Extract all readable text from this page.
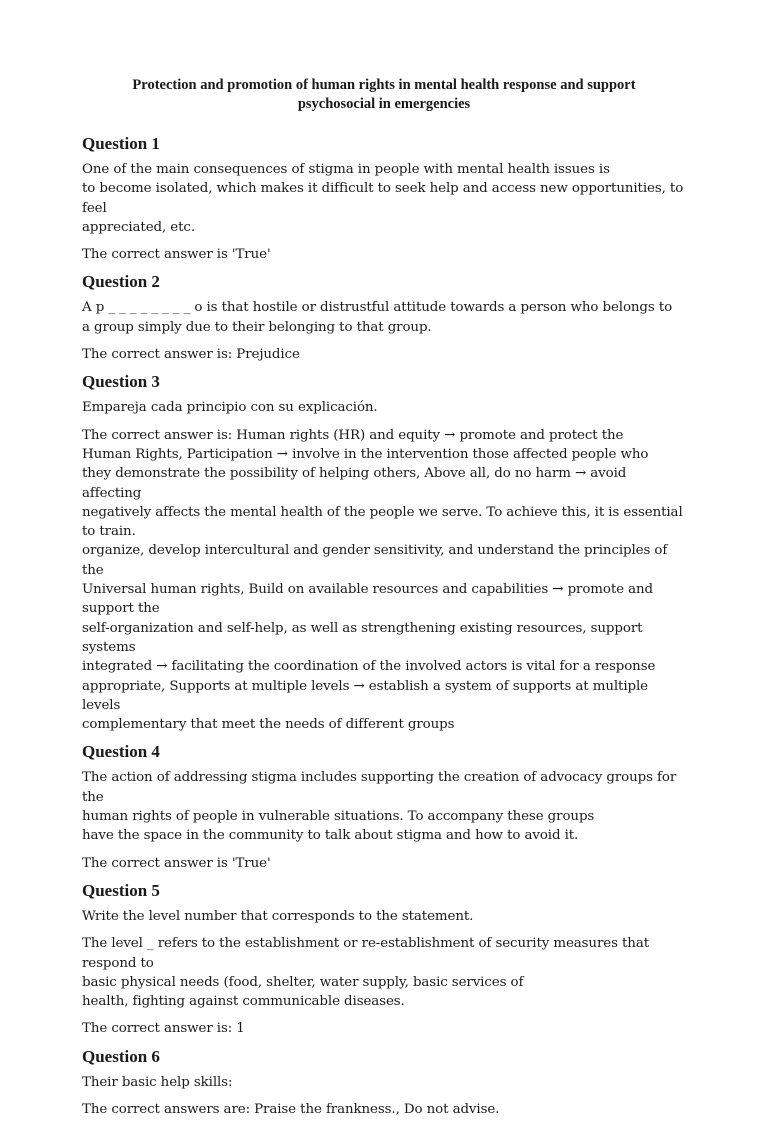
Protection and promotion of human rights in mental health response and support
psychosocial in emergencies
Question 1
One of the main consequences of stigma in people with mental health issues is
to become isolated, which makes it difficult to seek help and access new opportunities, to feel
appreciated, etc.
The correct answer is 'True'
Question 2
A p _ _ _ _ _ _ _ _ o is that hostile or distrustful attitude towards a person who belongs to
a group simply due to their belonging to that group.
The correct answer is: Prejudice
Question 3
Empareja cada principio con su explicación.
The correct answer is: Human rights (HR) and equity → promote and protect the
Human Rights, Participation → involve in the intervention those affected people who
they demonstrate the possibility of helping others, Above all, do no harm → avoid affecting
negatively affects the mental health of the people we serve. To achieve this, it is essential to train.
organize, develop intercultural and gender sensitivity, and understand the principles of the
Universal human rights, Build on available resources and capabilities → promote and support the
self-organization and self-help, as well as strengthening existing resources, support systems
integrated → facilitating the coordination of the involved actors is vital for a response
appropriate, Supports at multiple levels → establish a system of supports at multiple levels
complementary that meet the needs of different groups
Question 4
The action of addressing stigma includes supporting the creation of advocacy groups for the
human rights of people in vulnerable situations. To accompany these groups
have the space in the community to talk about stigma and how to avoid it.
The correct answer is 'True'
Question 5
Write the level number that corresponds to the statement.
The level _ refers to the establishment or re-establishment of security measures that respond to
basic physical needs (food, shelter, water supply, basic services of
health, fighting against communicable diseases.
The correct answer is: 1
Question 6
Their basic help skills:
The correct answers are: Praise the frankness., Do not advise.
